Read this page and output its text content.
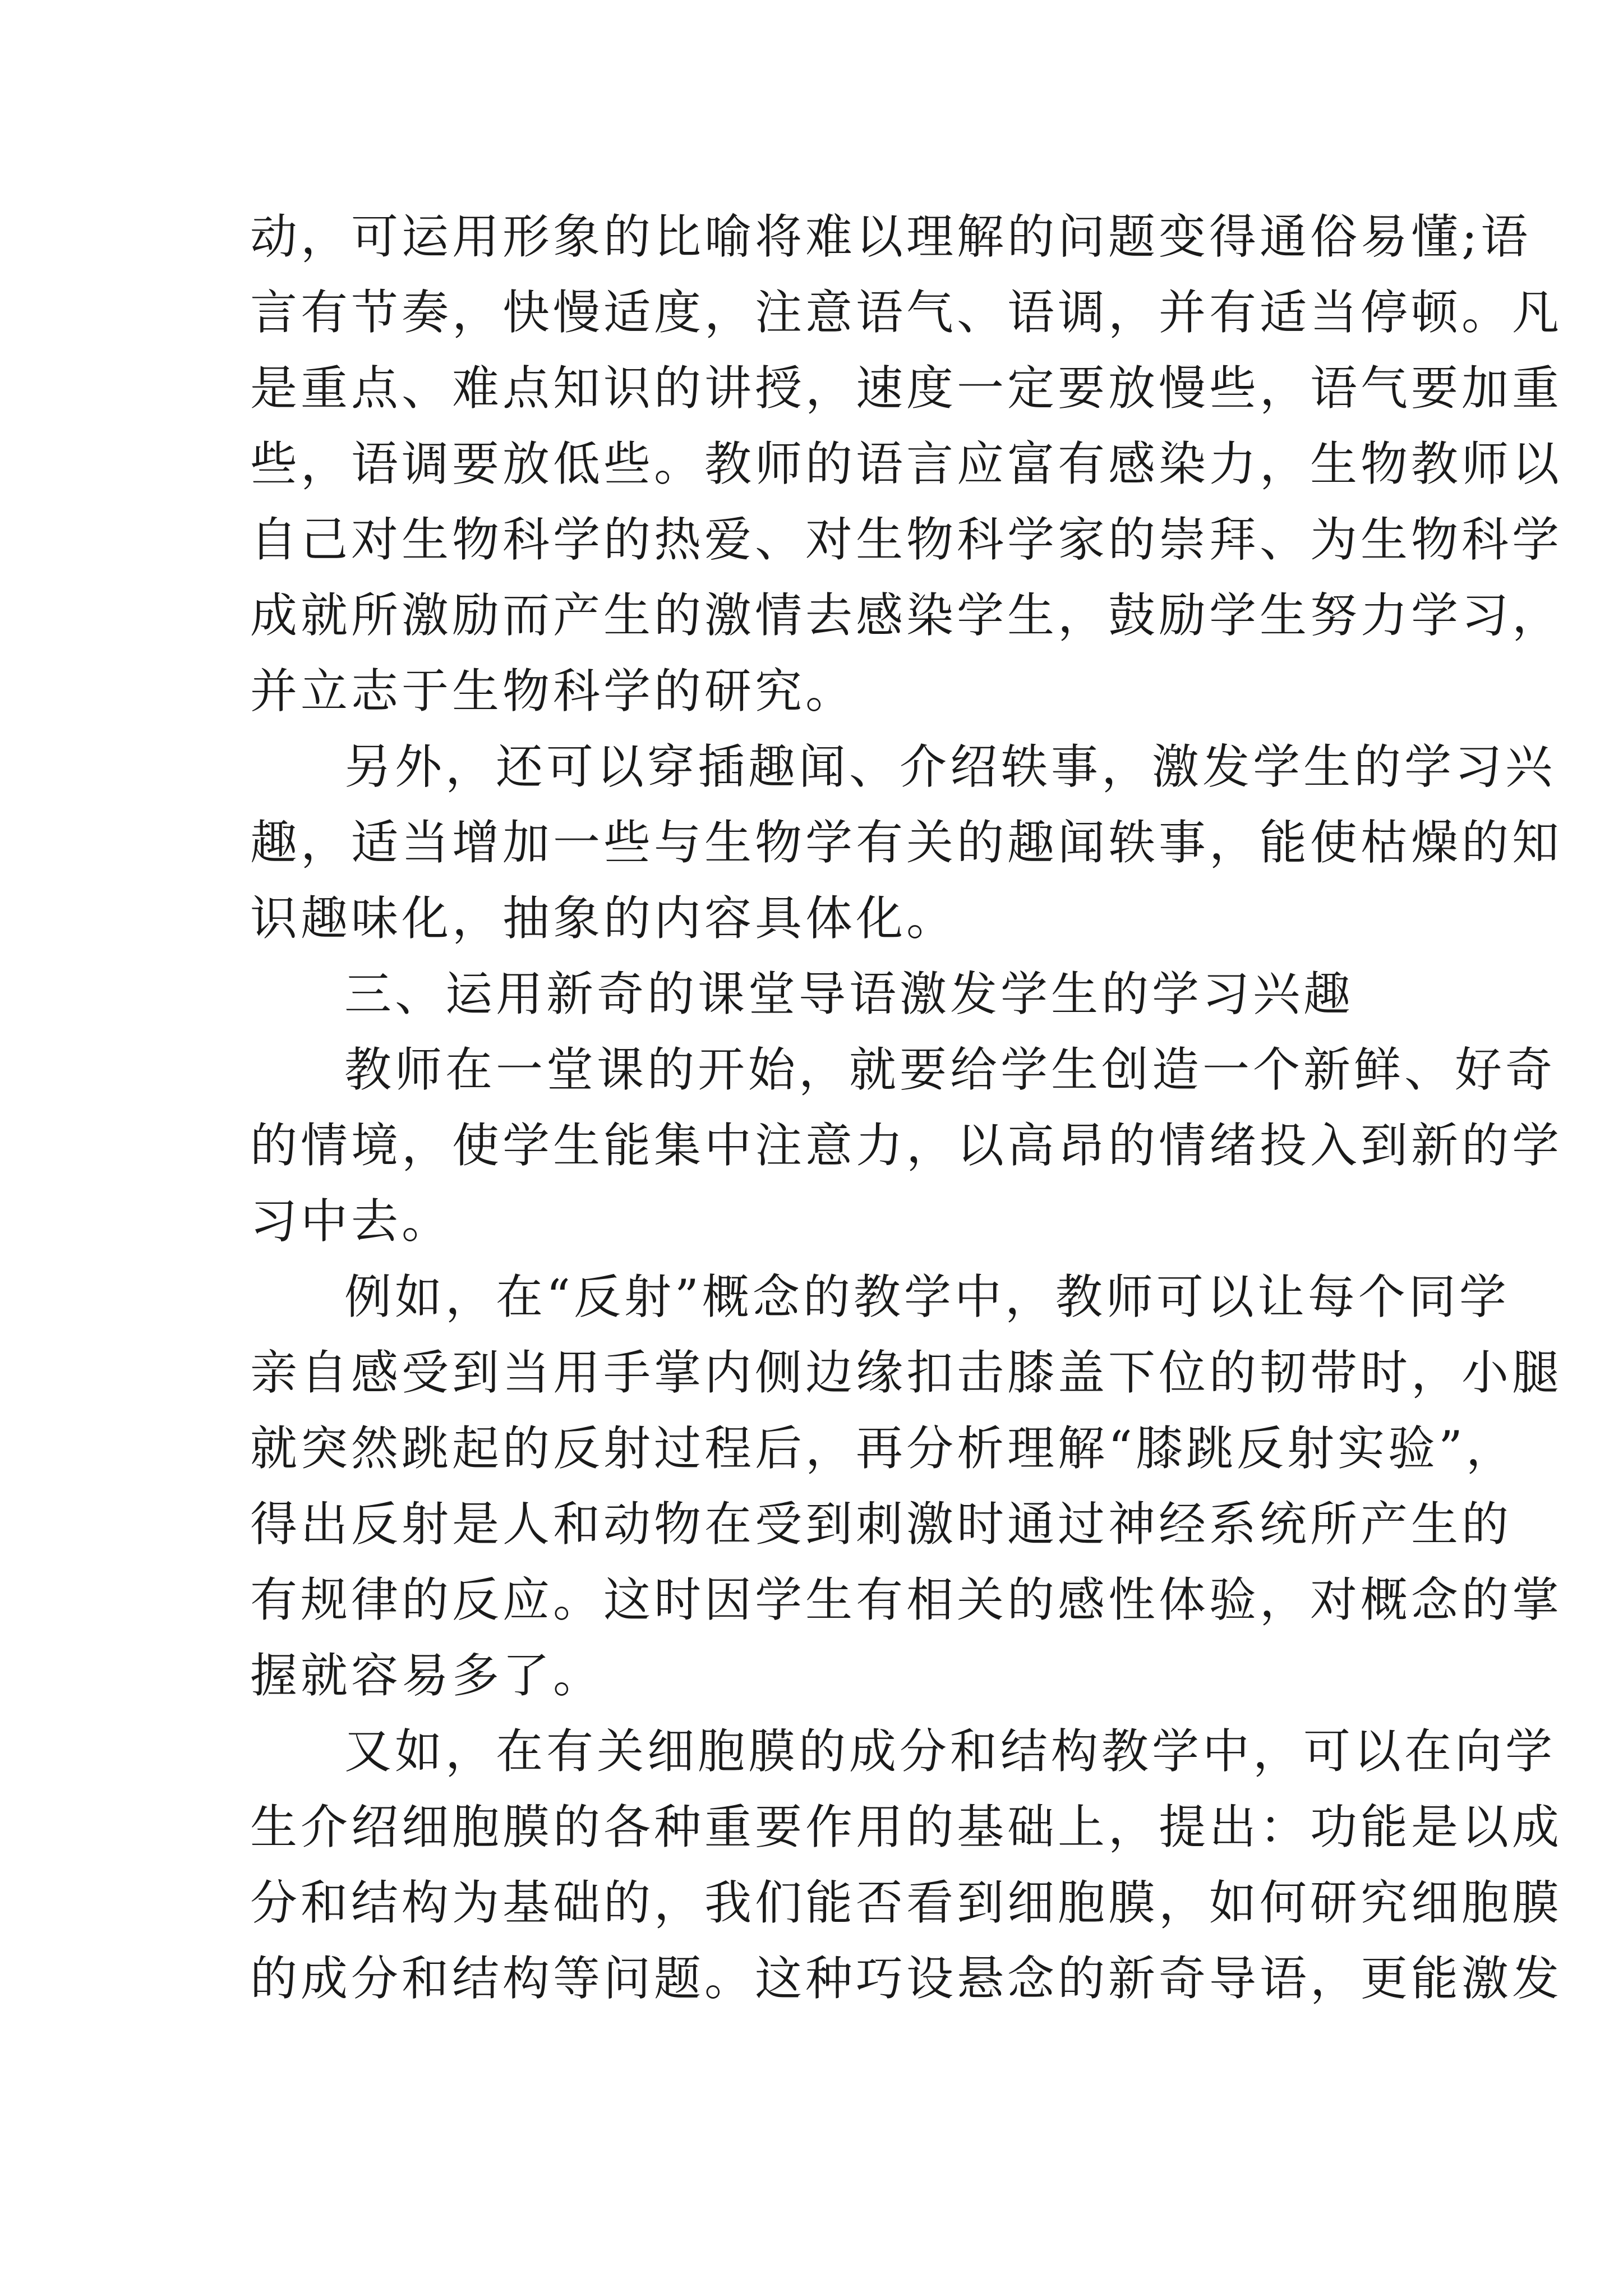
动，可运用形象的比喻将难以理解的问题变得通俗易懂;语
言有节奏，快慢适度，注意语气、语调，并有适当停顿。凡
是重点、难点知识的讲授，速度一定要放慢些，语气要加重
些，语调要放低些。教师的语言应富有感染力，生物教师以
自己对生物科学的热爱、对生物科学家的崇拜、为生物科学
成就所激励而产生的激情去感染学生，鼓励学生努力学习，
并立志于生物科学的研究。
另外，还可以穿插趣闻、介绍轶事，激发学生的学习兴
趣，适当增加一些与生物学有关的趣闻轶事，能使枯燥的知
识趣味化，抽象的内容具体化。
三、运用新奇的课堂导语激发学生的学习兴趣
教师在一堂课的开始，就要给学生创造一个新鲜、好奇
的情境，使学生能集中注意力，以高昂的情绪投入到新的学
习中去。
例如，在“反射”概念的教学中，教师可以让每个同学
亲自感受到当用手掌内侧边缘扣击膝盖下位的韧带时，小腿
就突然跳起的反射过程后，再分析理解“膝跳反射实验”，
得出反射是人和动物在受到刺激时通过神经系统所产生的
有规律的反应。这时因学生有相关的感性体验，对概念的掌
握就容易多了。
又如，在有关细胞膜的成分和结构教学中，可以在向学
生介绍细胞膜的各种重要作用的基础上，提出：功能是以成
分和结构为基础的，我们能否看到细胞膜，如何研究细胞膜
的成分和结构等问题。这种巧设悬念的新奇导语，更能激发
